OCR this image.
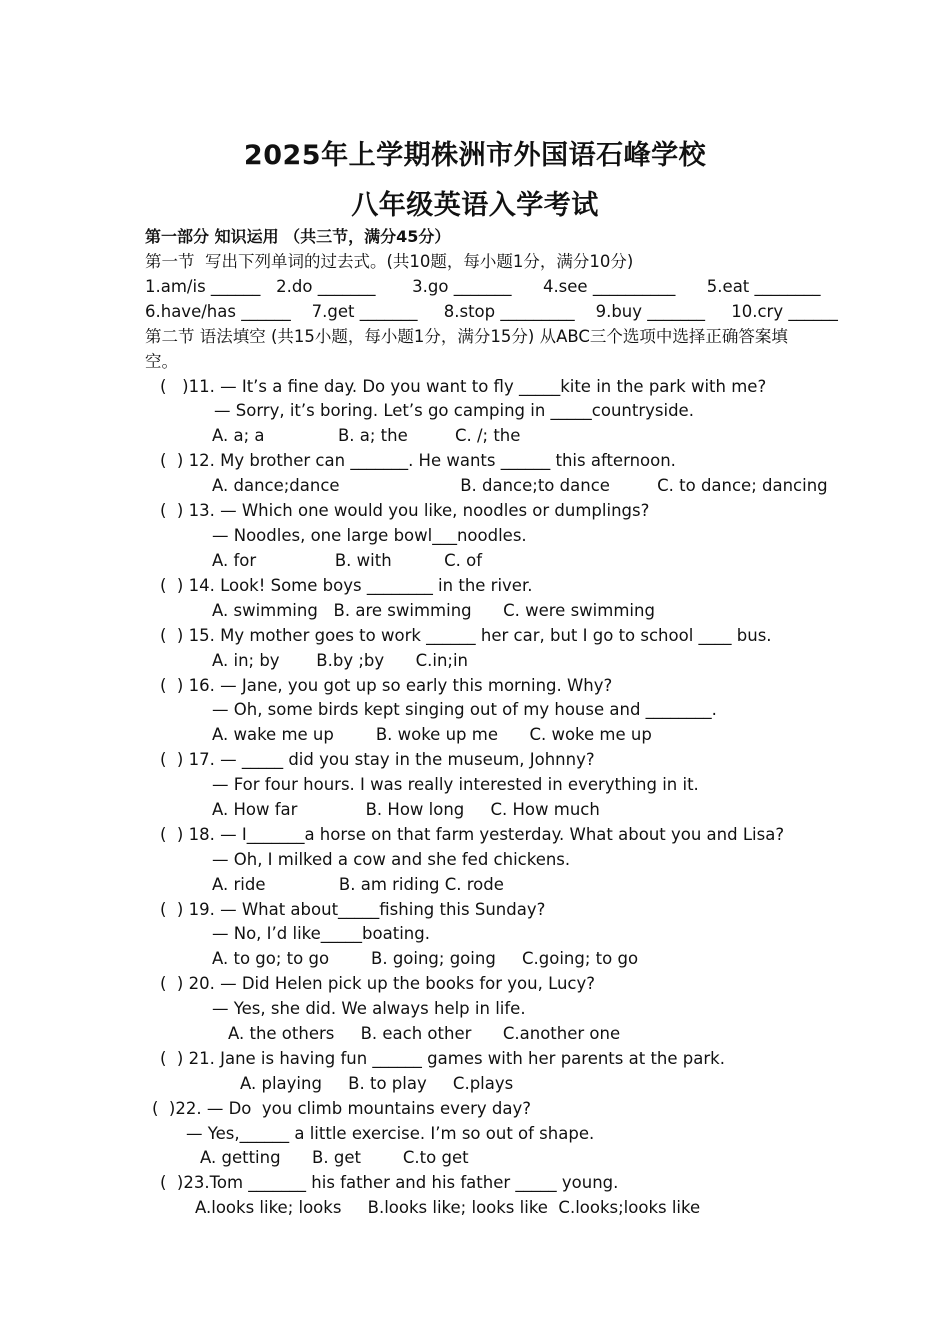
2025年上学期株洲市外国语石峰学校
八年级英语入学考试
第一部分 知识运用 （共三节，满分45分）
第一节  写出下列单词的过去式。(共10题，每小题1分，满分10分)
1.am/is ______   2.do _______       3.go _______      4.see __________      5.eat ________
6.have/has ______    7.get _______     8.stop _________    9.buy _______     10.cry ______
第二节 语法填空 (共15小题，每小题1分，满分15分) 从ABC三个选项中选择正确答案填
空。
(   )11. — It’s a fine day. Do you want to fly _____kite in the park with me?
— Sorry, it’s boring. Let’s go camping in _____countryside.
A. a; a              B. a; the         C. /; the
(  ) 12. My brother can _______. He wants ______ this afternoon.
A. dance;dance                       B. dance;to dance         C. to dance; dancing
(  ) 13. — Which one would you like, noodles or dumplings?
— Noodles, one large bowl___noodles.
A. for               B. with          C. of
(  ) 14. Look! Some boys ________ in the river.
A. swimming   B. are swimming      C. were swimming
(  ) 15. My mother goes to work ______ her car, but I go to school ____ bus.
A. in; by       B.by ;by      C.in;in
(  ) 16. — Jane, you got up so early this morning. Why?
— Oh, some birds kept singing out of my house and ________.
A. wake me up        B. woke up me      C. woke me up
(  ) 17. — _____ did you stay in the museum, Johnny?
— For four hours. I was really interested in everything in it.
A. How far             B. How long     C. How much
(  ) 18. — I_______a horse on that farm yesterday. What about you and Lisa?
— Oh, I milked a cow and she fed chickens.
A. ride              B. am riding C. rode
(  ) 19. — What about_____fishing this Sunday?
— No, I’d like_____boating.
A. to go; to go        B. going; going     C.going; to go
(  ) 20. — Did Helen pick up the books for you, Lucy?
— Yes, she did. We always help in life.
A. the others     B. each other      C.another one
(  ) 21. Jane is having fun ______ games with her parents at the park.
A. playing     B. to play     C.plays
(  )22. — Do  you climb mountains every day?
— Yes,______ a little exercise. I’m so out of shape.
A. getting      B. get        C.to get
(  )23.Tom _______ his father and his father _____ young.
A.looks like; looks     B.looks like; looks like  C.looks;looks like
